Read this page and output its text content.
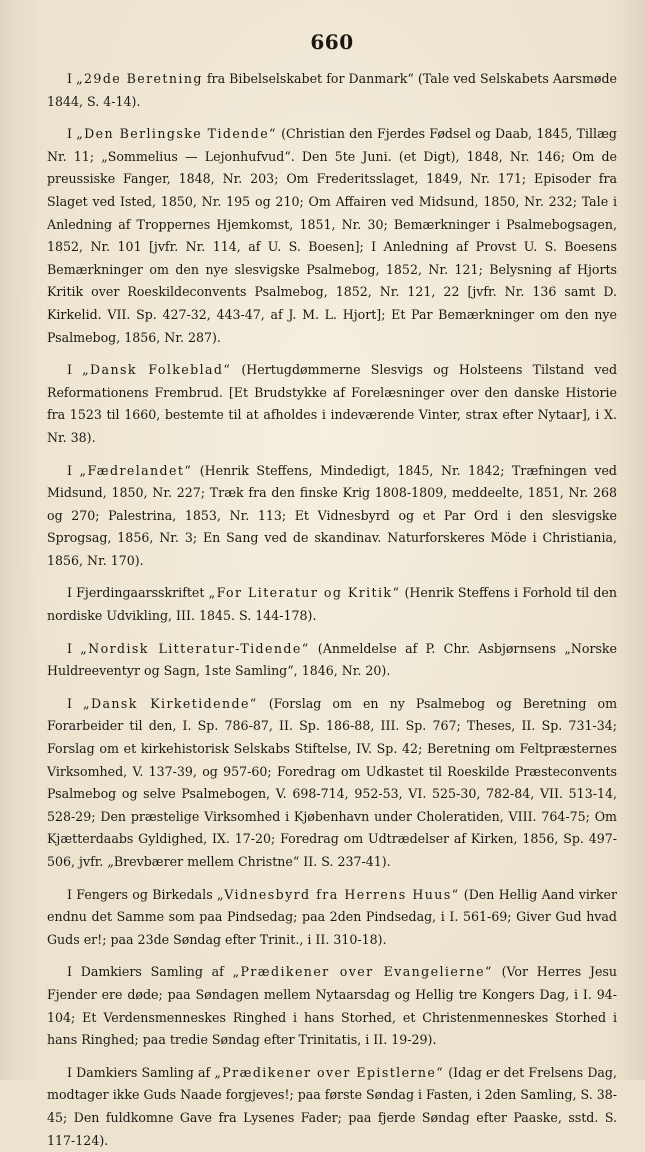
660

I „29de Beretning fra Bibelselskabet for Danmark“ (Tale ved Selskabets Aarsmøde 1844, S. 4-14).

I „Den Berlingske Tidende“ (Christian den Fjerdes Fødsel og Daab, 1845, Tillæg Nr. 11; „Sommelius — Lejonhufvud“. Den 5te Juni. (et Digt), 1848, Nr. 146; Om de preussiske Fanger, 1848, Nr. 203; Om Frederitsslaget, 1849, Nr. 171; Episoder fra Slaget ved Isted, 1850, Nr. 195 og 210; Om Affairen ved Midsund, 1850, Nr. 232; Tale i Anledning af Troppernes Hjemkomst, 1851, Nr. 30; Bemærkninger i Psalmebogsagen, 1852, Nr. 101 [jvfr. Nr. 114, af U. S. Boesen]; I Anledning af Provst U. S. Boesens Bemærkninger om den nye slesvigske Psalmebog, 1852, Nr. 121; Belysning af Hjorts Kritik over Roeskildeconvents Psalmebog, 1852, Nr. 121, 22 [jvfr. Nr. 136 samt D. Kirkelid. VII. Sp. 427-32, 443-47, af J. M. L. Hjort]; Et Par Bemærkninger om den nye Psalmebog, 1856, Nr. 287).

I „Dansk Folkeblad“ (Hertugdømmerne Slesvigs og Holsteens Tilstand ved Reformationens Frembrud. [Et Brudstykke af Forelæsninger over den danske Historie fra 1523 til 1660, bestemte til at afholdes i indeværende Vinter, strax efter Nytaar], i X. Nr. 38).

I „Fædrelandet“ (Henrik Steffens, Mindedigt, 1845, Nr. 1842; Træfningen ved Midsund, 1850, Nr. 227; Træk fra den finske Krig 1808-1809, meddeelte, 1851, Nr. 268 og 270; Palestrina, 1853, Nr. 113; Et Vidnesbyrd og et Par Ord i den slesvigske Sprogsag, 1856, Nr. 3; En Sang ved de skandinav. Naturforskeres Möde i Christiania, 1856, Nr. 170).

I Fjerdingaarsskriftet „For Literatur og Kritik“ (Henrik Steffens i Forhold til den nordiske Udvikling, III. 1845. S. 144-178).

I „Nordisk Litteratur-Tidende“ (Anmeldelse af P. Chr. Asbjørnsens „Norske Huldreeventyr og Sagn, 1ste Samling“, 1846, Nr. 20).

I „Dansk Kirketidende“ (Forslag om en ny Psalmebog og Beretning om Forarbeider til den, I. Sp. 786-87, II. Sp. 186-88, III. Sp. 767; Theses, II. Sp. 731-34; Forslag om et kirkehistorisk Selskabs Stiftelse, IV. Sp. 42; Beretning om Feltpræsternes Virksomhed, V. 137-39, og 957-60; Foredrag om Udkastet til Roeskilde Præsteconvents Psalmebog og selve Psalmebogen, V. 698-714, 952-53, VI. 525-30, 782-84, VII. 513-14, 528-29; Den præstelige Virksomhed i Kjøbenhavn under Choleratiden, VIII. 764-75; Om Kjætterdaabs Gyldighed, IX. 17-20; Foredrag om Udtrædelser af Kirken, 1856, Sp. 497-506, jvfr. „Brevbærer mellem Christne“ II. S. 237-41).

I Fengers og Birkedals „Vidnesbyrd fra Herrens Huus“ (Den Hellig Aand virker endnu det Samme som paa Pindsedag; paa 2den Pindsedag, i I. 561-69; Giver Gud hvad Guds er!; paa 23de Søndag efter Trinit., i II. 310-18).

I Damkiers Samling af „Prædikener over Evangelierne“ (Vor Herres Jesu Fjender ere døde; paa Søndagen mellem Nytaarsdag og Hellig tre Kongers Dag, i I. 94-104; Et Verdensmenneskes Ringhed i hans Storhed, et Christenmenneskes Storhed i hans Ringhed; paa tredie Søndag efter Trinitatis, i II. 19-29).

I Damkiers Samling af „Prædikener over Epistlerne“ (Idag er det Frelsens Dag, modtager ikke Guds Naade forgjeves!; paa første Søndag i Fasten, i 2den Samling, S. 38-45; Den fuldkomne Gave fra Lysenes Fader; paa fjerde Søndag efter Paaske, sstd. S. 117-124).
